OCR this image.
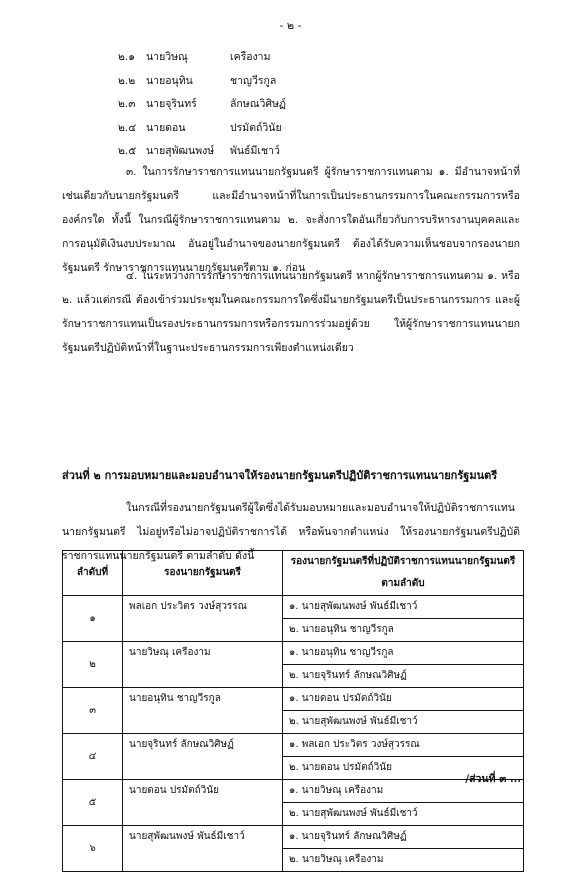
- ๒ -
๒.๑ นายวิษณุ	เครืองาม
๒.๒ นายอนุทิน	ชาญวีรกูล
๒.๓ นายจุรินทร์	ลักษณวิศิษฏ์
๒.๔ นายดอน	ปรมัตถ์วินัย
๒.๕ นายสุพัฒนพงษ์ พันธ์มีเชาว์
๓. ในการรักษาราชการแทนนายกรัฐมนตรี ผู้รักษาราชการแทนตาม ๑. มีอำนาจหน้าที่เช่นเดียวกับนายกรัฐมนตรี และมีอำนาจหน้าที่ในการเป็นประธานกรรมการในคณะกรรมการหรือองค์กรใด ทั้งนี้ ในกรณีผู้รักษาราชการแทนตาม ๒. จะสั่งการใดอันเกี่ยวกับการบริหารงานบุคคลและการอนุมัติเงินงบประมาณ อันอยู่ในอำนาจของนายกรัฐมนตรี ต้องได้รับความเห็นชอบจากรองนายกรัฐมนตรี รักษาราชการแทนนายกรัฐมนตรีตาม ๑. ก่อน
๔. ในระหว่างการรักษาราชการแทนนายกรัฐมนตรี หากผู้รักษาราชการแทนตาม ๑. หรือ ๒. แล้วแต่กรณี ต้องเข้าร่วมประชุมในคณะกรรมการใดซึ่งมีนายกรัฐมนตรีเป็นประธานกรรมการ และผู้รักษาราชการแทนเป็นรองประธานกรรมการหรือกรรมการร่วมอยู่ด้วย ให้ผู้รักษาราชการแทนนายกรัฐมนตรีปฏิบัติหน้าที่ในฐานะประธานกรรมการเพียงตำแหน่งเดียว
ส่วนที่ ๒ การมอบหมายและมอบอำนาจให้รองนายกรัฐมนตรีปฏิบัติราชการแทนนายกรัฐมนตรี
ในกรณีที่รองนายกรัฐมนตรีผู้ใดซึ่งได้รับมอบหมายและมอบอำนาจให้ปฏิบัติราชการแทนนายกรัฐมนตรี ไม่อยู่หรือไม่อาจปฏิบัติราชการได้ หรือพ้นจากตำแหน่ง ให้รองนายกรัฐมนตรีปฏิบัติราชการแทนนายกรัฐมนตรี ตามลำดับ ดังนี้
ลำดับที่	รองนายกรัฐมนตรี	รองนายกรัฐมนตรีที่ปฏิบัติราชการแทนนายกรัฐมนตรี
		ตามลำดับ
๑	พลเอก ประวิตร วงษ์สุวรรณ	๑. นายสุพัฒนพงษ์ พันธ์มีเชาว์
		๒. นายอนุทิน ชาญวีรกูล
๒	นายวิษณุ เครืองาม	๑. นายอนุทิน ชาญวีรกูล
		๒. นายจุรินทร์ ลักษณวิศิษฏ์
๓	นายอนุทิน ชาญวีรกูล	๑. นายดอน ปรมัตถ์วินัย
		๒. นายสุพัฒนพงษ์ พันธ์มีเชาว์
๔	นายจุรินทร์ ลักษณวิศิษฏ์	๑. พลเอก ประวิตร วงษ์สุวรรณ
		๒. นายดอน ปรมัตถ์วินัย
๕	นายดอน ปรมัตถ์วินัย	๑. นายวิษณุ เครืองาม
		๒. นายสุพัฒนพงษ์ พันธ์มีเชาว์
๖	นายสุพัฒนพงษ์ พันธ์มีเชาว์	๑. นายจุรินทร์ ลักษณวิศิษฏ์
		๒. นายวิษณุ เครืองาม
/ส่วนที่ ๓ ...
